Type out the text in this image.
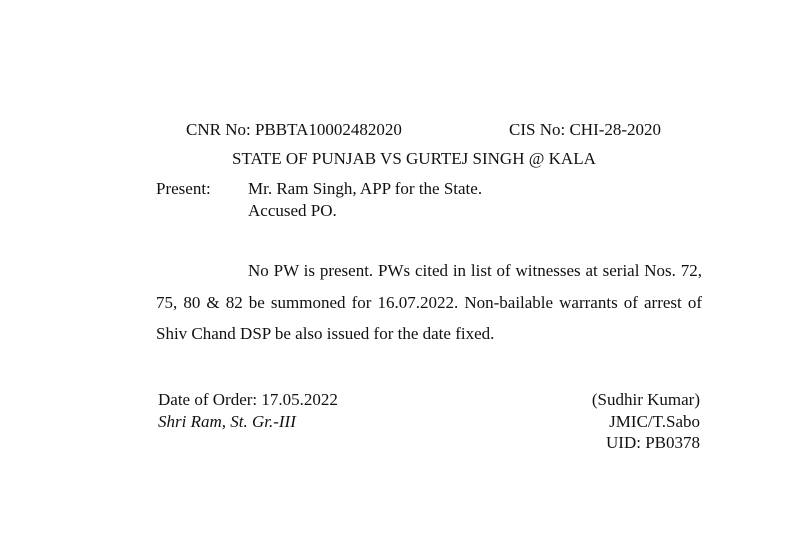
CNR No: PBBTA10002482020	CIS No: CHI-28-2020
STATE OF PUNJAB VS GURTEJ SINGH @ KALA
Present: Mr. Ram Singh, APP for the State.
Accused PO.
No PW is present. PWs cited in list of witnesses at serial Nos. 72, 75, 80 & 82 be summoned for 16.07.2022. Non-bailable warrants of arrest of Shiv Chand DSP be also issued for the date fixed.
Date of Order: 17.05.2022
Shri Ram, St. Gr.-III
(Sudhir Kumar)
JMIC/T.Sabo
UID: PB0378
